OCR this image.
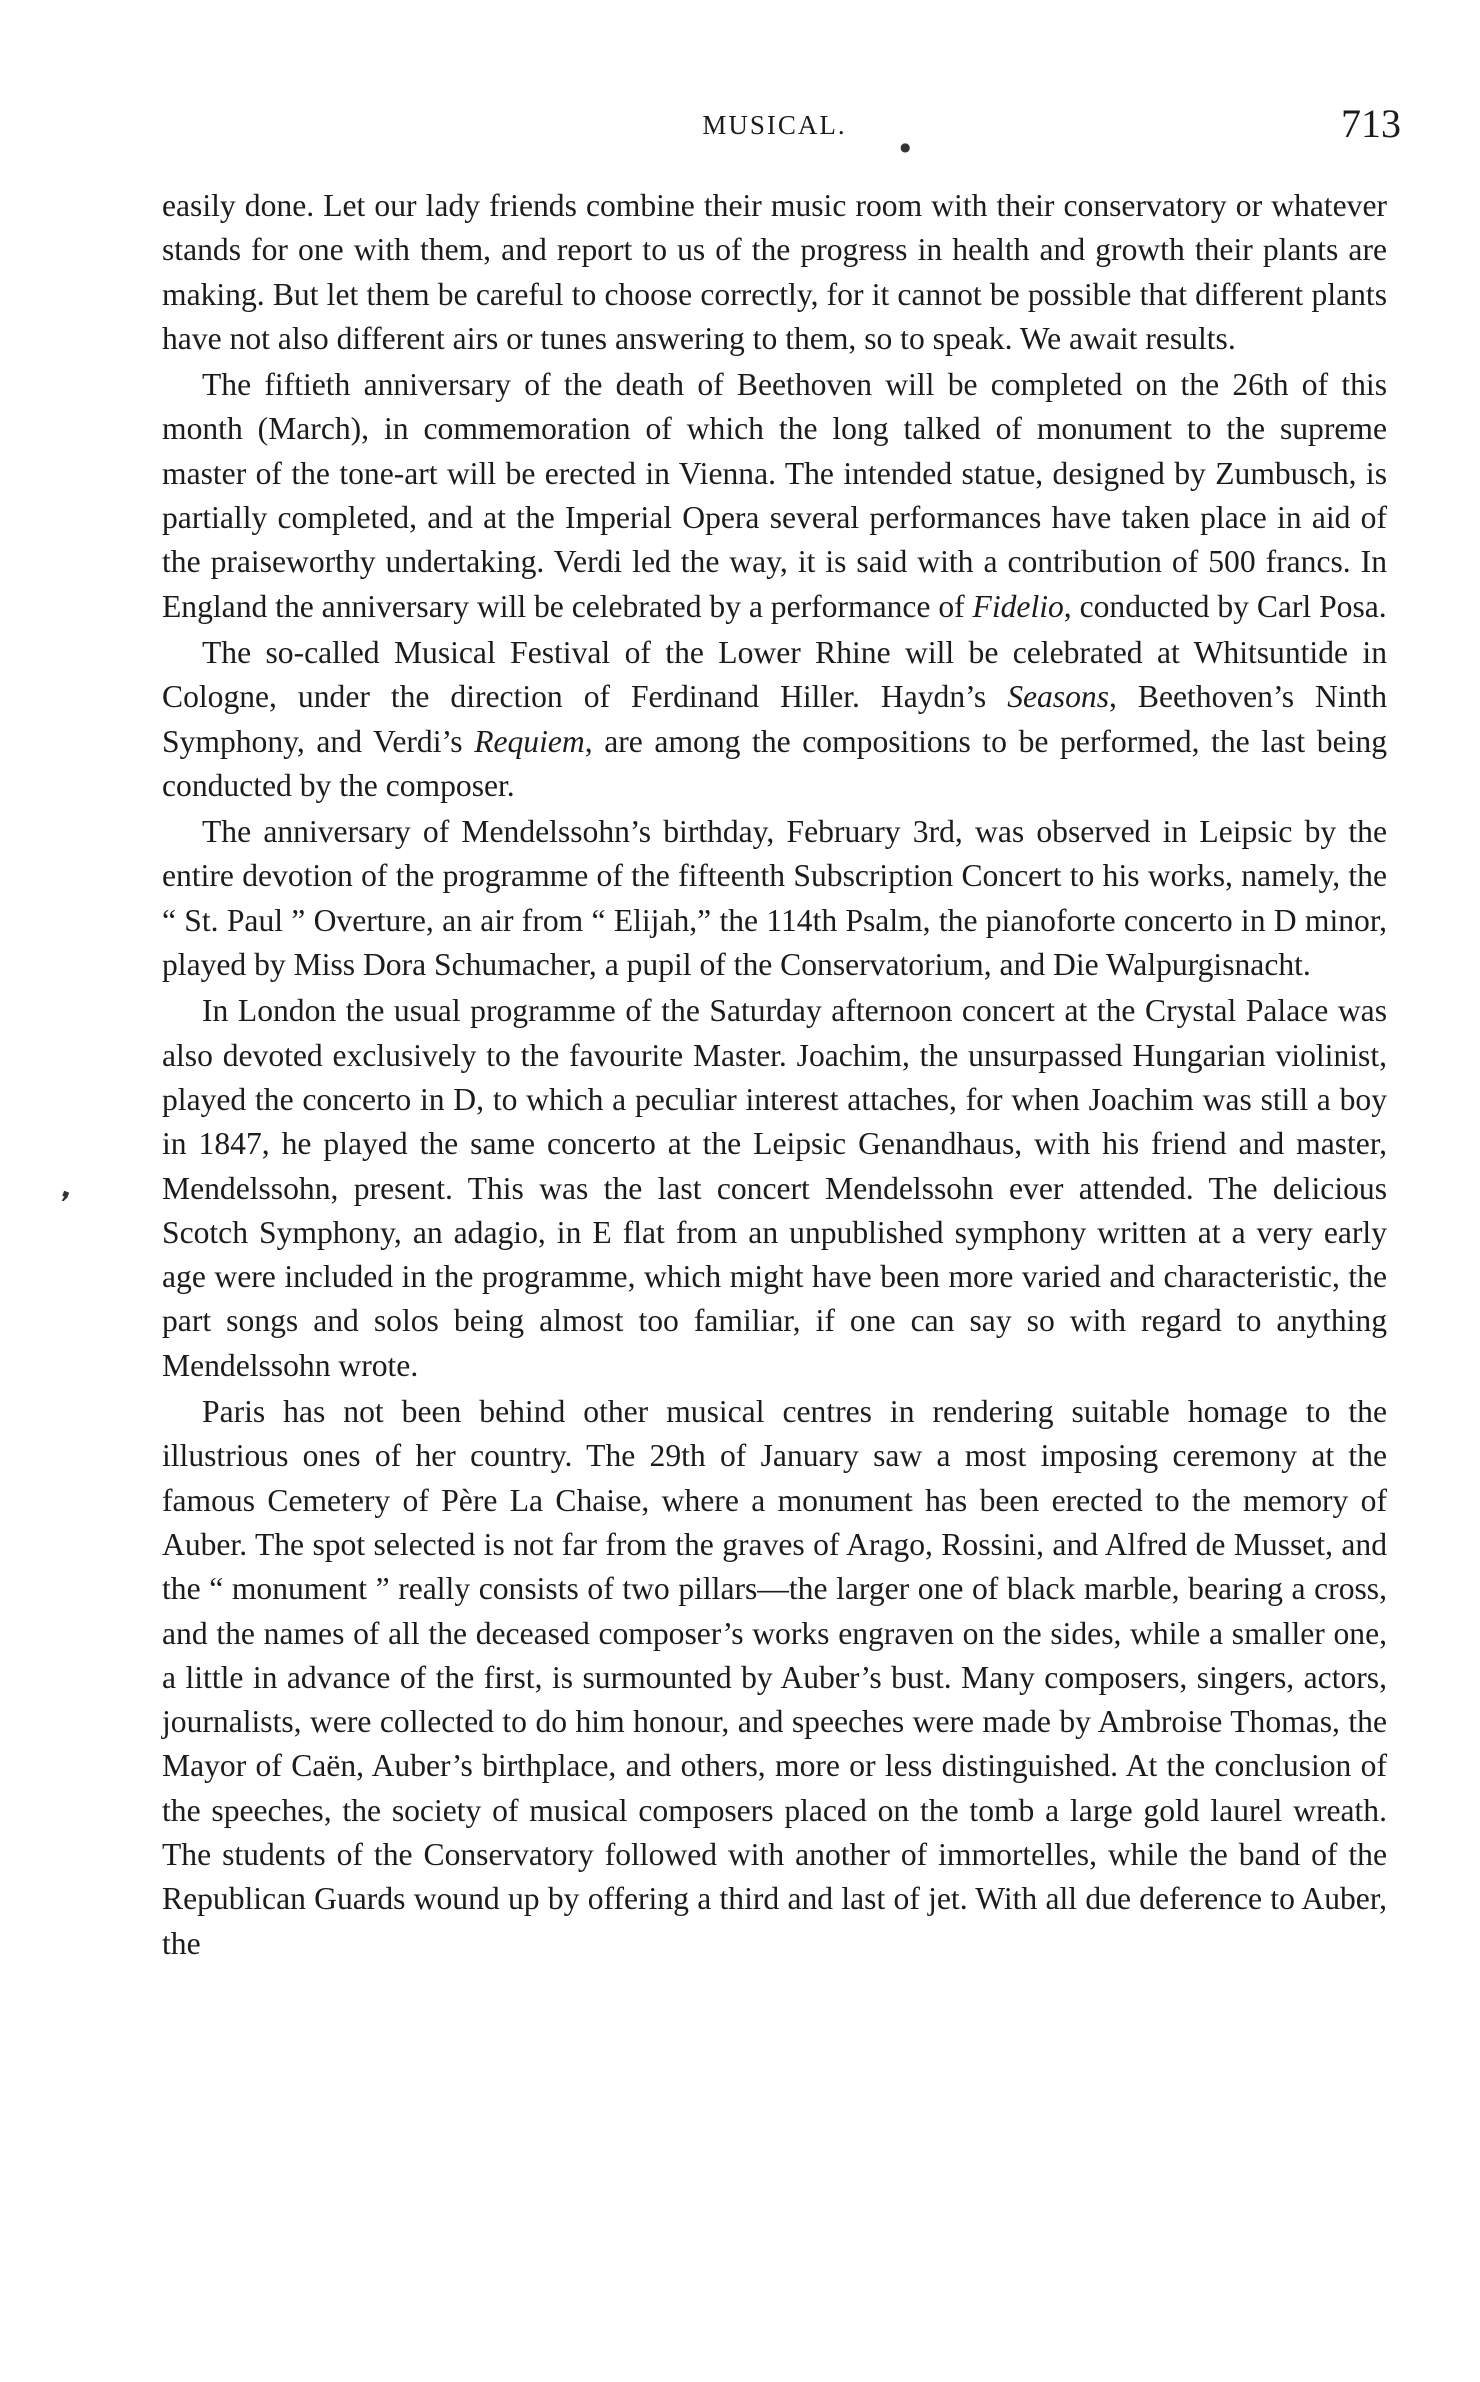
MUSICAL.	713

easily done. Let our lady friends combine their music room with their conservatory or whatever stands for one with them, and report to us of the progress in health and growth their plants are making. But let them be careful to choose correctly, for it cannot be possible that different plants have not also different airs or tunes answering to them, so to speak. We await results.

The fiftieth anniversary of the death of Beethoven will be completed on the 26th of this month (March), in commemoration of which the long talked of monument to the supreme master of the tone-art will be erected in Vienna. The intended statue, designed by Zumbusch, is partially completed, and at the Imperial Opera several performances have taken place in aid of the praiseworthy undertaking. Verdi led the way, it is said with a contribution of 500 francs. In England the anniversary will be celebrated by a performance of Fidelio, conducted by Carl Posa.

The so-called Musical Festival of the Lower Rhine will be celebrated at Whitsuntide in Cologne, under the direction of Ferdinand Hiller. Haydn’s Seasons, Beethoven’s Ninth Symphony, and Verdi’s Requiem, are among the compositions to be performed, the last being conducted by the composer.

The anniversary of Mendelssohn’s birthday, February 3rd, was observed in Leipsic by the entire devotion of the programme of the fifteenth Subscription Concert to his works, namely, the “ St. Paul ” Overture, an air from “ Elijah,” the 114th Psalm, the pianoforte concerto in D minor, played by Miss Dora Schumacher, a pupil of the Conservatorium, and Die Walpurgisnacht.

In London the usual programme of the Saturday afternoon concert at the Crystal Palace was also devoted exclusively to the favourite Master. Joachim, the unsurpassed Hungarian violinist, played the concerto in D, to which a peculiar interest attaches, for when Joachim was still a boy in 1847, he played the same concerto at the Leipsic Genandhaus, with his friend and master, Mendelssohn, present. This was the last concert Mendelssohn ever attended. The delicious Scotch Symphony, an adagio, in E flat from an unpublished symphony written at a very early age were included in the programme, which might have been more varied and characteristic, the part songs and solos being almost too familiar, if one can say so with regard to anything Mendelssohn wrote.

Paris has not been behind other musical centres in rendering suitable homage to the illustrious ones of her country. The 29th of January saw a most imposing ceremony at the famous Cemetery of Père La Chaise, where a monument has been erected to the memory of Auber. The spot selected is not far from the graves of Arago, Rossini, and Alfred de Musset, and the “ monument ” really consists of two pillars—the larger one of black marble, bearing a cross, and the names of all the deceased composer’s works engraven on the sides, while a smaller one, a little in advance of the first, is surmounted by Auber’s bust. Many composers, singers, actors, journalists, were collected to do him honour, and speeches were made by Ambroise Thomas, the Mayor of Caën, Auber’s birthplace, and others, more or less distinguished. At the conclusion of the speeches, the society of musical composers placed on the tomb a large gold laurel wreath. The students of the Conservatory followed with another of immortelles, while the band of the Republican Guards wound up by offering a third and last of jet. With all due deference to Auber, the

❜
●
